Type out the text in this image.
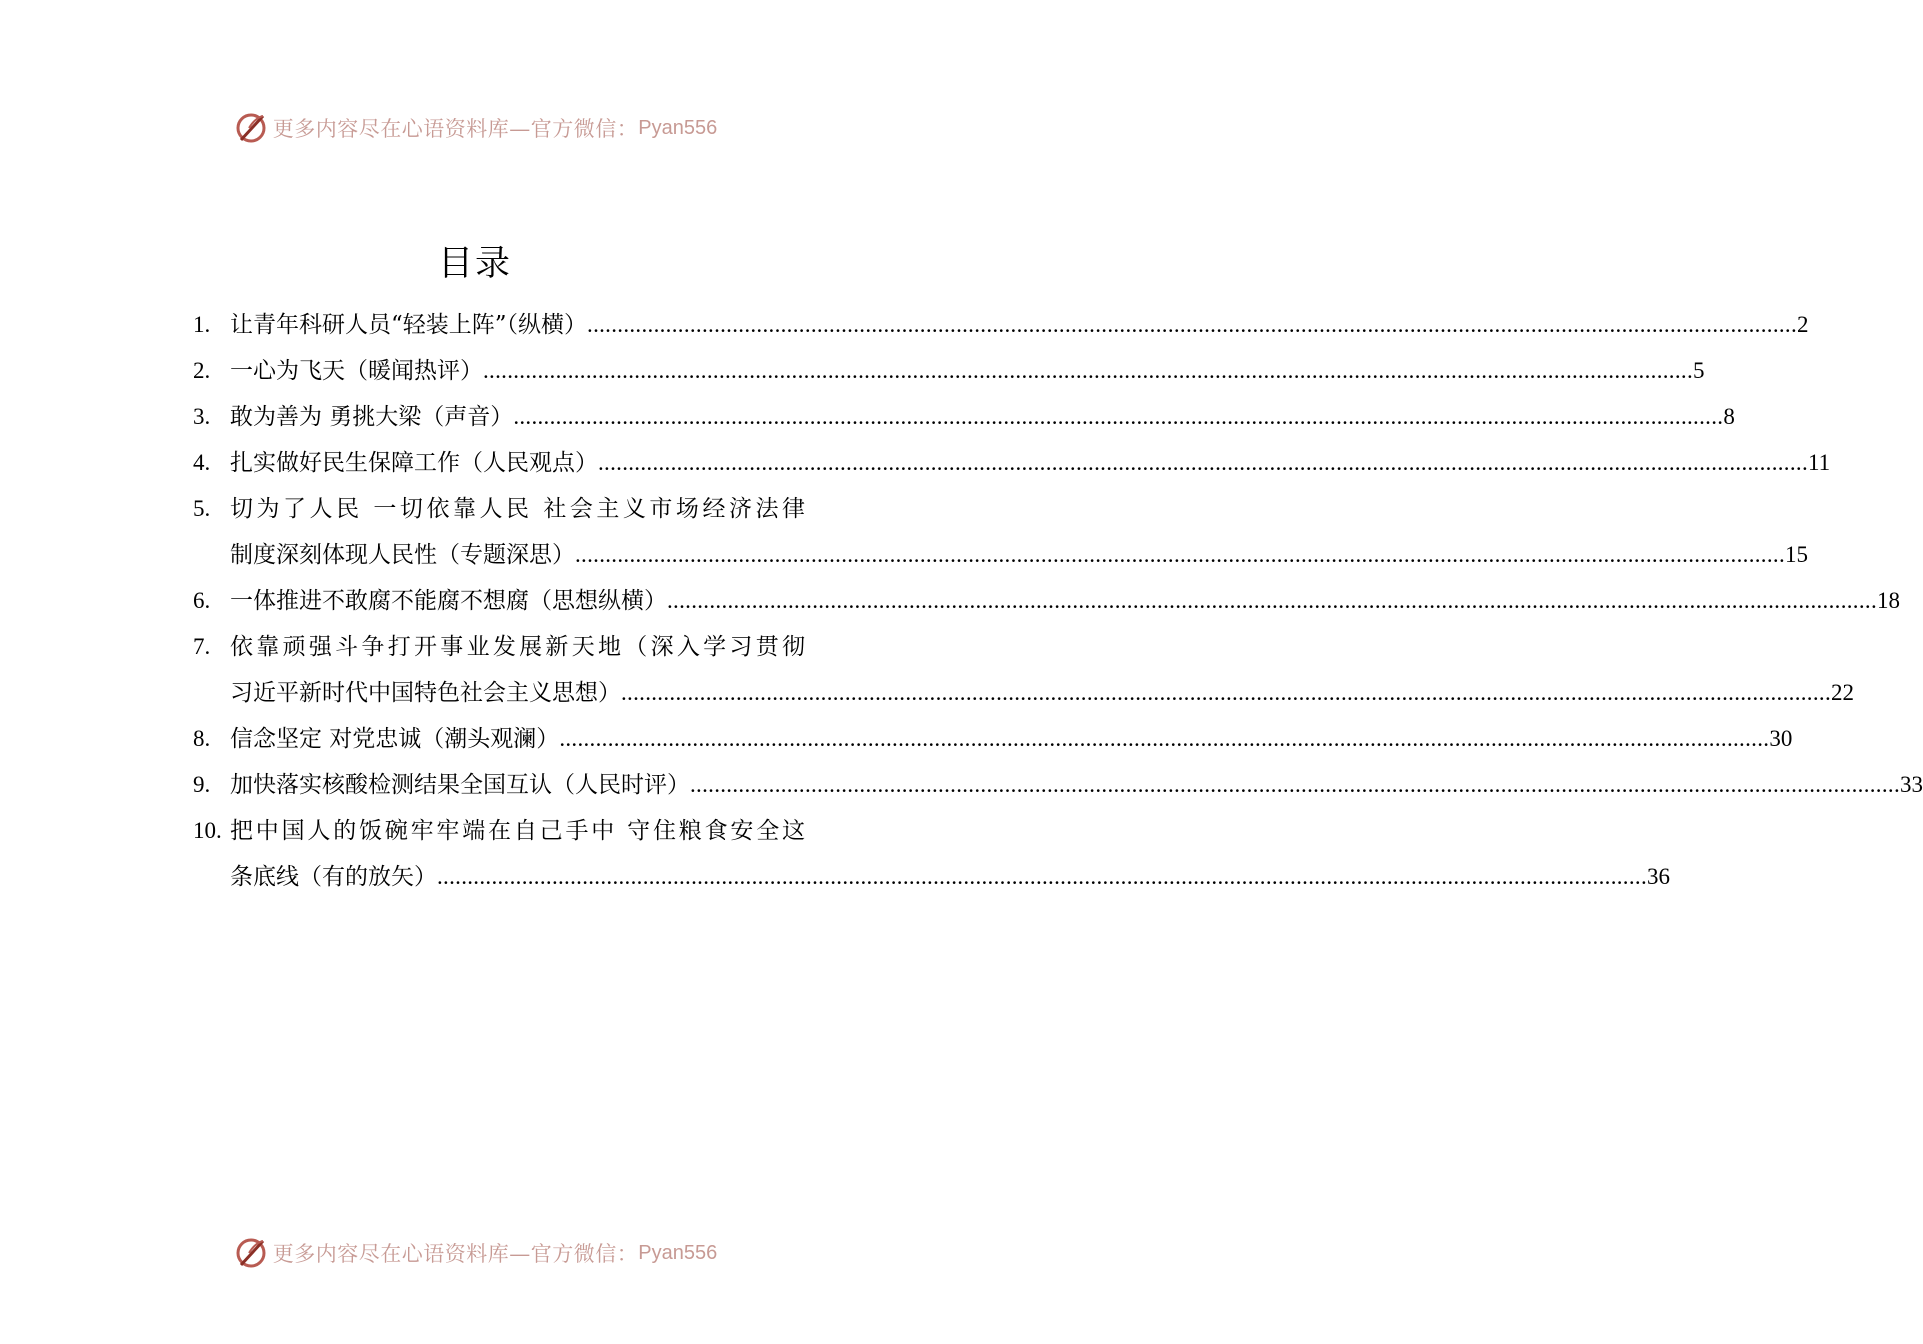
更多内容尽在心语资料库—官方微信： Pyan556
目录
1. 让青年科研人员“轻装上阵”（纵横） ........................................................................................................................................................................................................ 2
2. 一心为飞天（暖闻热评） ........................................................................................................................................................................................................ 5
3. 敢为善为 勇挑大梁（声音） ........................................................................................................................................................................................................ 8
4. 扎实做好民生保障工作（人民观点） ........................................................................................................................................................................................................ 11
5. 切为了人民 一切依靠人民 社会主义市场经济法律
制度深刻体现人民性（专题深思） ........................................................................................................................................................................................................ 15
6. 一体推进不敢腐不能腐不想腐（思想纵横） ........................................................................................................................................................................................................ 18
7. 依靠顽强斗争打开事业发展新天地（深入学习贯彻
习近平新时代中国特色社会主义思想） ........................................................................................................................................................................................................ 22
8. 信念坚定 对党忠诚（潮头观澜） ........................................................................................................................................................................................................ 30
9. 加快落实核酸检测结果全国互认（人民时评） ........................................................................................................................................................................................................ 33
10. 把中国人的饭碗牢牢端在自己手中 守住粮食安全这
条底线（有的放矢） ........................................................................................................................................................................................................ 36
更多内容尽在心语资料库—官方微信： Pyan556
